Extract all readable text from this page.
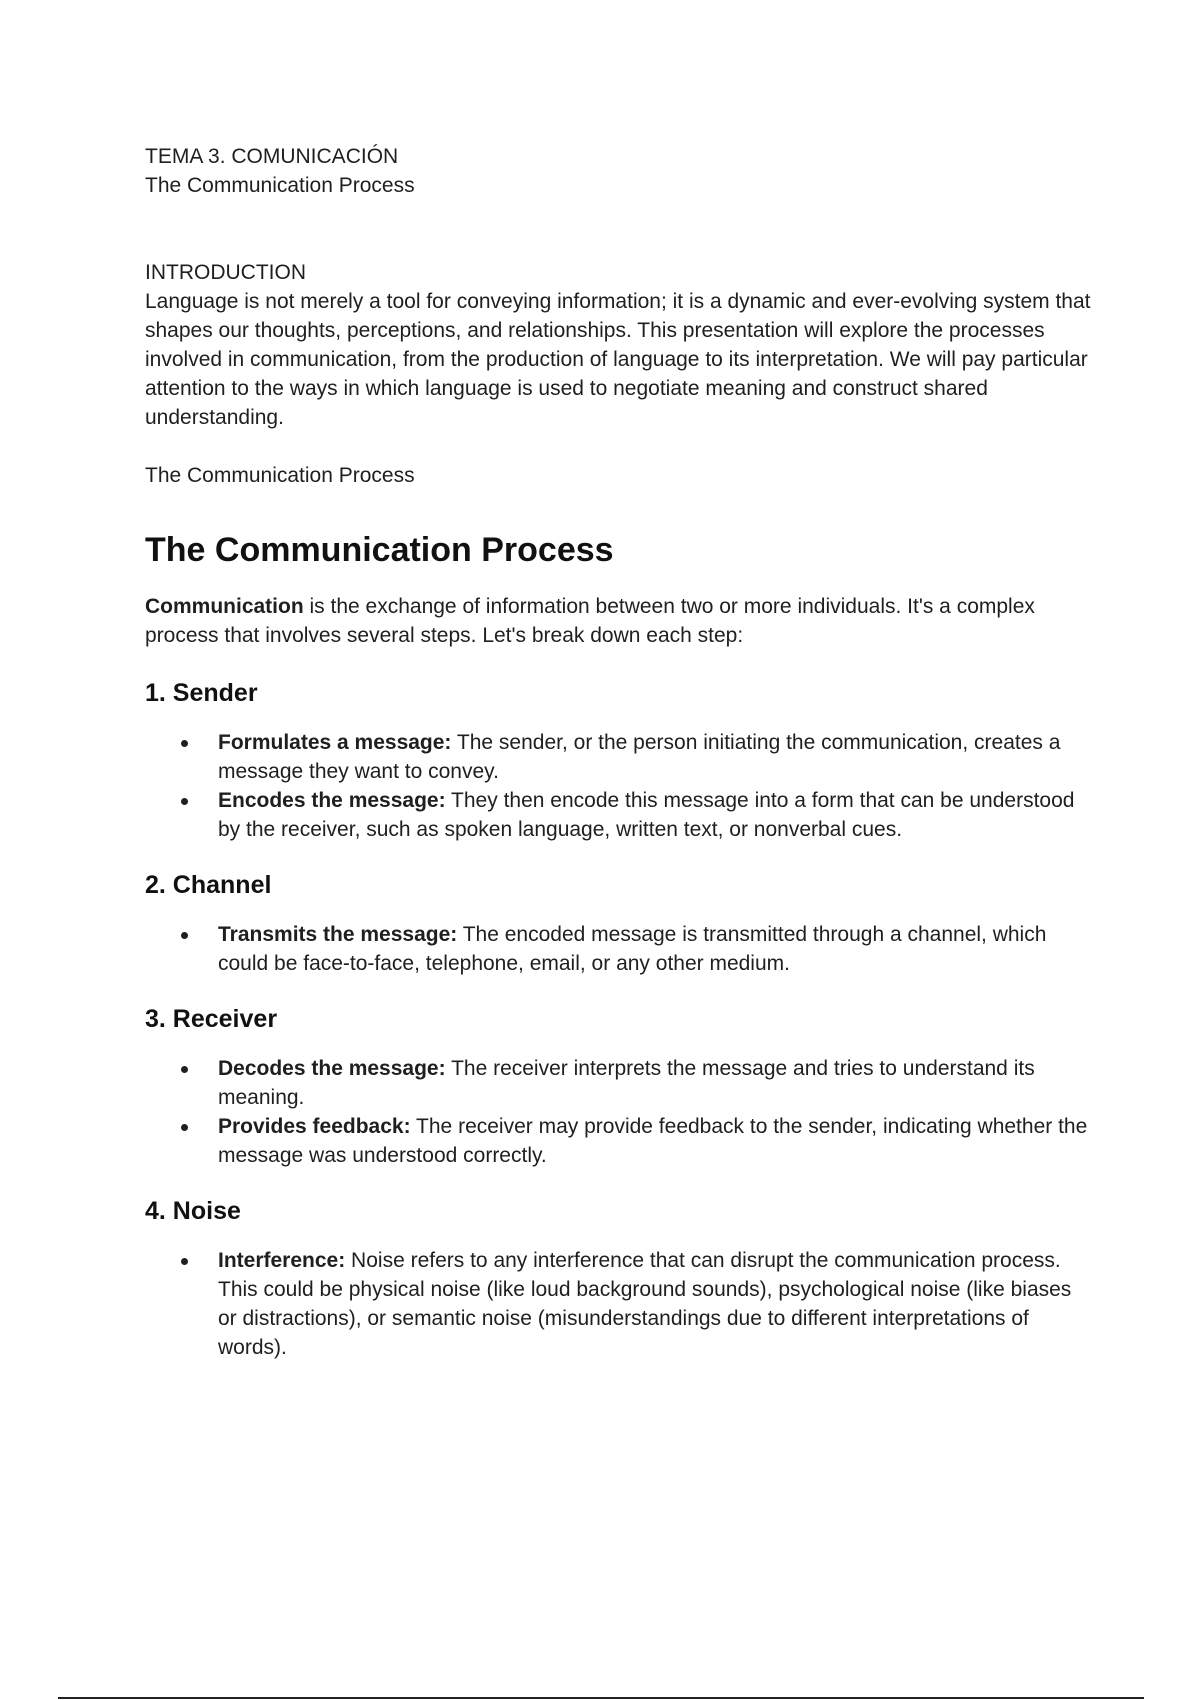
TEMA 3. COMUNICACIÓN

The Communication Process

INTRODUCTION

Language is not merely a tool for conveying information; it is a dynamic and ever-evolving system that shapes our thoughts, perceptions, and relationships. This presentation will explore the processes involved in communication, from the production of language to its interpretation. We will pay particular attention to the ways in which language is used to negotiate meaning and construct shared understanding.

The Communication Process

The Communication Process

Communication is the exchange of information between two or more individuals. It's a complex process that involves several steps. Let's break down each step:

1. Sender
Formulates a message: The sender, or the person initiating the communication, creates a message they want to convey.
Encodes the message: They then encode this message into a form that can be understood by the receiver, such as spoken language, written text, or nonverbal cues.
2. Channel
Transmits the message: The encoded message is transmitted through a channel, which could be face-to-face, telephone, email, or any other medium.
3. Receiver
Decodes the message: The receiver interprets the message and tries to understand its meaning.
Provides feedback: The receiver may provide feedback to the sender, indicating whether the message was understood correctly.
4. Noise
Interference: Noise refers to any interference that can disrupt the communication process. This could be physical noise (like loud background sounds), psychological noise (like biases or distractions), or semantic noise (misunderstandings due to different interpretations of words).
